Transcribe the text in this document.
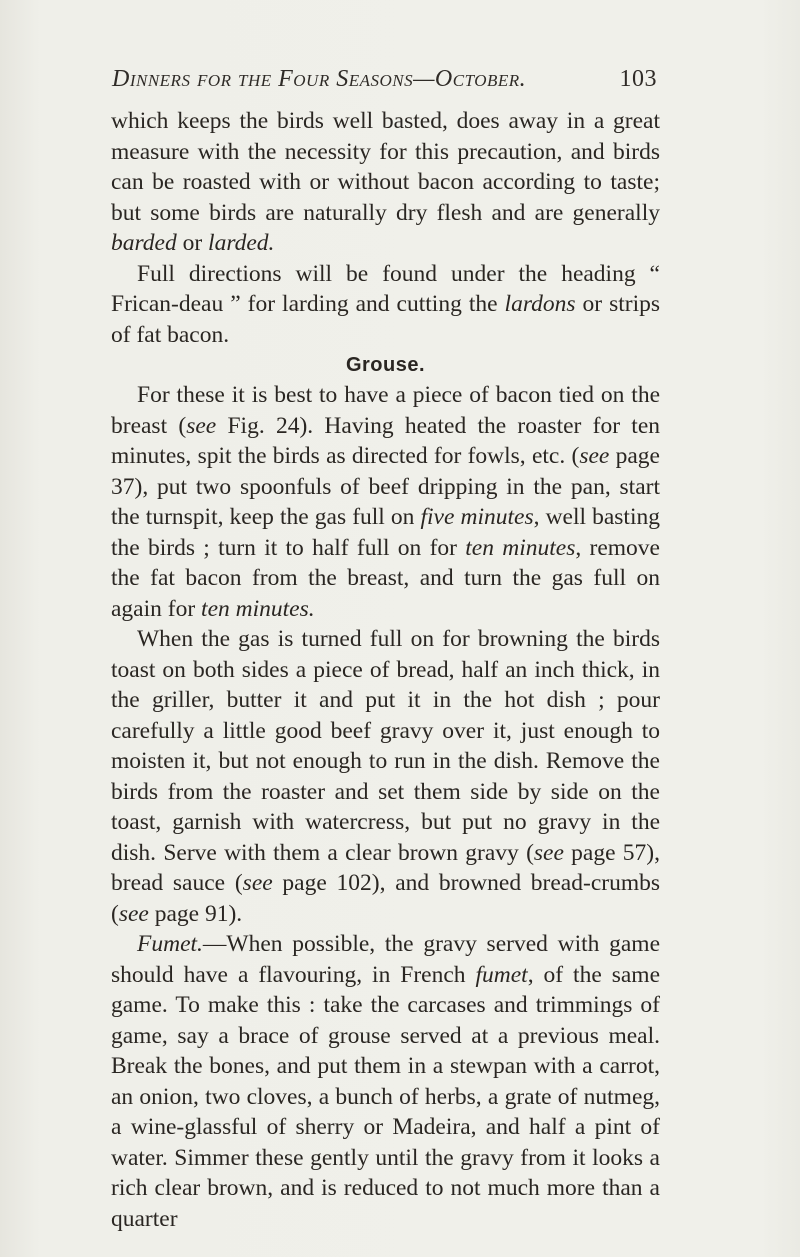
Dinners for the Four Seasons—October.	103

which keeps the birds well basted, does away in a great measure with the necessity for this precaution, and birds can be roasted with or without bacon according to taste; but some birds are naturally dry flesh and are generally barded or larded.

Full directions will be found under the heading “ Frican-deau ” for larding and cutting the lardons or strips of fat bacon.

Grouse.

For these it is best to have a piece of bacon tied on the breast (see Fig. 24). Having heated the roaster for ten minutes, spit the birds as directed for fowls, etc. (see page 37), put two spoonfuls of beef dripping in the pan, start the turnspit, keep the gas full on five minutes, well basting the birds ; turn it to half full on for ten minutes, remove the fat bacon from the breast, and turn the gas full on again for ten minutes.

When the gas is turned full on for browning the birds toast on both sides a piece of bread, half an inch thick, in the griller, butter it and put it in the hot dish ; pour carefully a little good beef gravy over it, just enough to moisten it, but not enough to run in the dish. Remove the birds from the roaster and set them side by side on the toast, garnish with watercress, but put no gravy in the dish. Serve with them a clear brown gravy (see page 57), bread sauce (see page 102), and browned bread-crumbs (see page 91).

Fumet.—When possible, the gravy served with game should have a flavouring, in French fumet, of the same game. To make this : take the carcases and trimmings of game, say a brace of grouse served at a previous meal. Break the bones, and put them in a stewpan with a carrot, an onion, two cloves, a bunch of herbs, a grate of nutmeg, a wine-glassful of sherry or Madeira, and half a pint of water. Simmer these gently until the gravy from it looks a rich clear brown, and is reduced to not much more than a quarter
